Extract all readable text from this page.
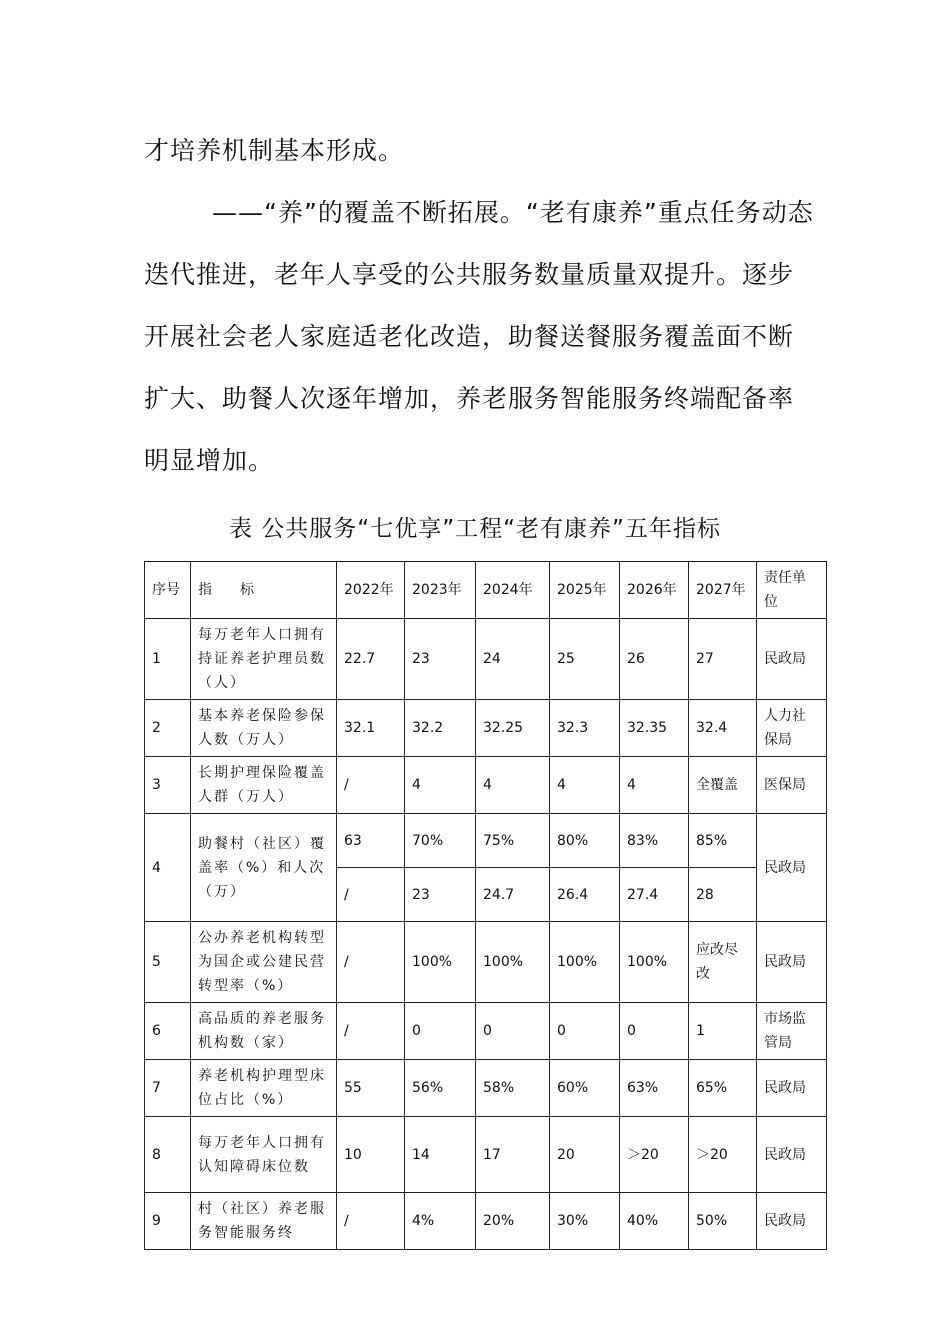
才培养机制基本形成。
——“养”的覆盖不断拓展。“老有康养”重点任务动态
迭代推进，老年人享受的公共服务数量质量双提升。逐步
开展社会老人家庭适老化改造，助餐送餐服务覆盖面不断
扩大、助餐人次逐年增加，养老服务智能服务终端配备率
明显增加。
表 公共服务“七优享”工程“老有康养”五年指标
序号	指　　标	2022年	2023年	2024年	2025年	2026年	2027年	责任单位
1	每万老年人口拥有持证养老护理员数（人）	22.7	23	24	25	26	27	民政局
2	基本养老保险参保人数（万人）	32.1	32.2	32.25	32.3	32.35	32.4	人力社保局
3	长期护理保险覆盖人群（万人）	/	4	4	4	4	全覆盖	医保局
4	助餐村（社区）覆盖率（%）和人次（万）	63	70%	75%	80%	83%	85%	民政局
		/	23	24.7	26.4	27.4	28	
5	公办养老机构转型为国企或公建民营转型率（%）	/	100%	100%	100%	100%	应改尽改	民政局
6	高品质的养老服务机构数（家）	/	0	0	0	0	1	市场监管局
7	养老机构护理型床位占比（%）	55	56%	58%	60%	63%	65%	民政局
8	每万老年人口拥有认知障碍床位数	10	14	17	20	＞20	＞20	民政局
9	村（社区）养老服务智能服务终	/	4%	20%	30%	40%	50%	民政局
